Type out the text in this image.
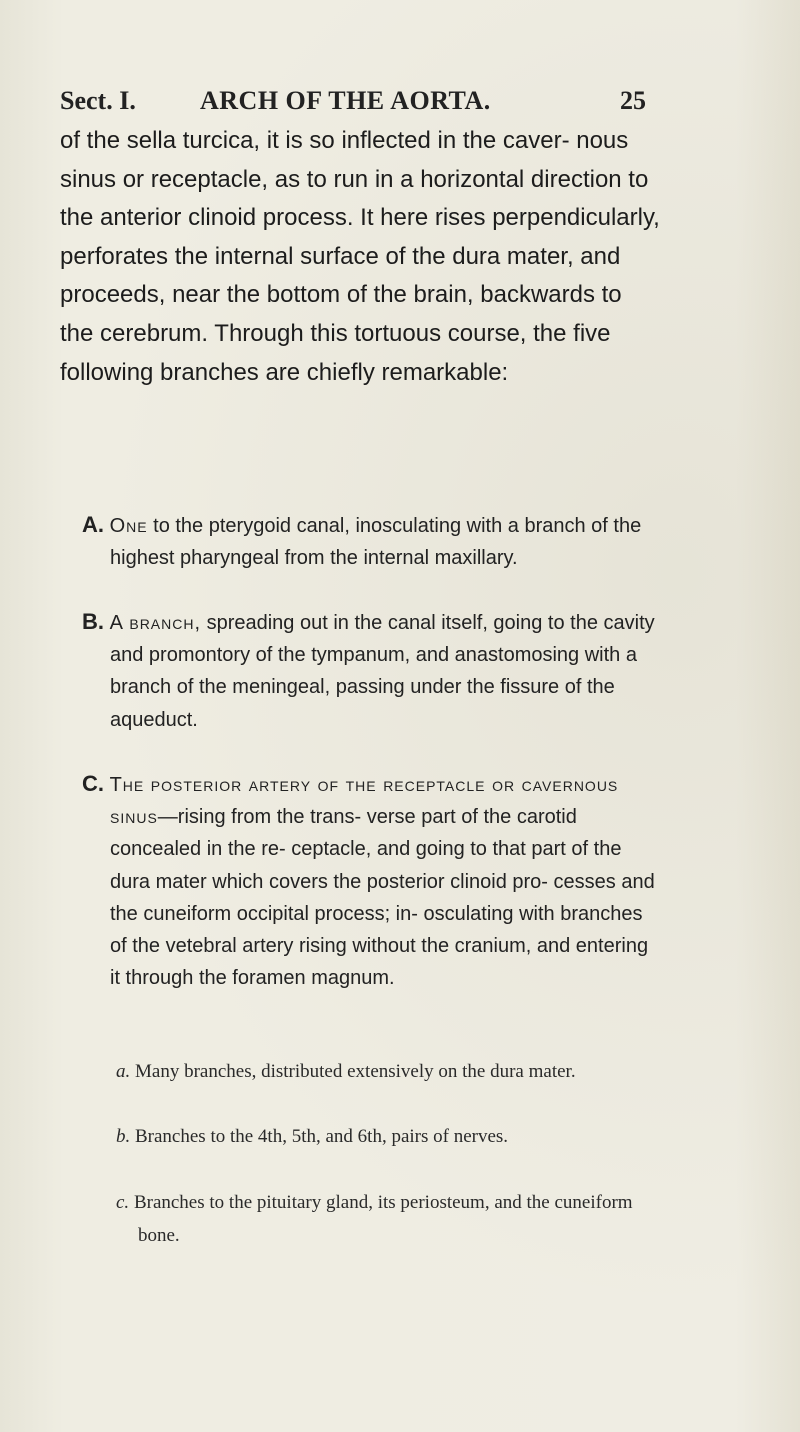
Sect. I. ARCH OF THE AORTA.	25

of the sella turcica, it is so inflected in the caver- nous sinus or receptacle, as to run in a horizontal direction to the anterior clinoid process. It here rises perpendicularly, perforates the internal surface of the dura mater, and proceeds, near the bottom of the brain, backwards to the cerebrum. Through this tortuous course, the five following branches are chiefly remarkable:

A. One to the pterygoid canal, inosculating with a branch of the highest pharyngeal from the internal maxillary.

B. A branch, spreading out in the canal itself, going to the cavity and promontory of the tympanum, and anastomosing with a branch of the meningeal, passing under the fissure of the aqueduct.

C. The posterior artery of the receptacle or cavernous sinus—rising from the trans- verse part of the carotid concealed in the re- ceptacle, and going to that part of the dura mater which covers the posterior clinoid pro- cesses and the cuneiform occipital process; in- osculating with branches of the vetebral artery rising without the cranium, and entering it through the foramen magnum.

a. Many branches, distributed extensively on the dura mater.

b. Branches to the 4th, 5th, and 6th, pairs of nerves.

c. Branches to the pituitary gland, its periosteum, and the cuneiform bone.
